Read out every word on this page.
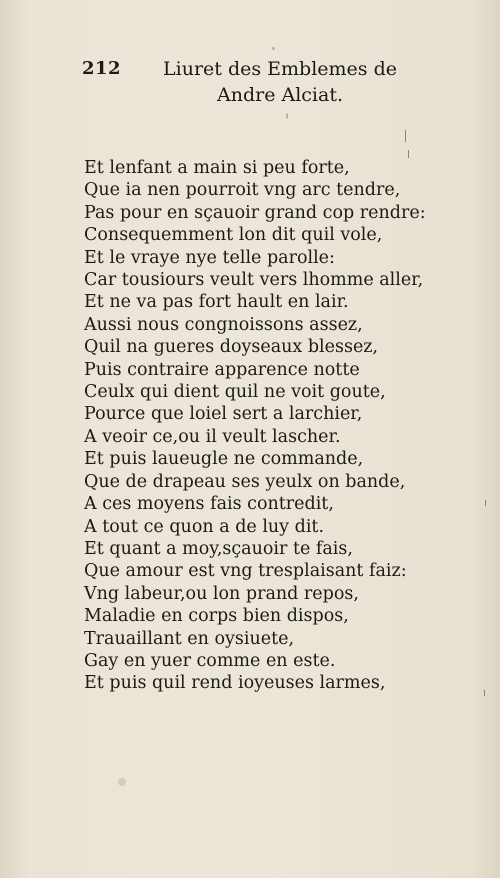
212	Liuret des Emblemes de
Andre Alciat.
Et lenfant a main si peu forte,
Que ia nen pourroit vng arc tendre,
Pas pour en sçauoir grand cop rendre:
Consequemment lon dit quil vole,
Et le vraye nye telle parolle:
Car tousiours veult vers lhomme aller,
Et ne va pas fort hault en lair.
Aussi nous congnoissons assez,
Quil na gueres doyseaux blessez,
Puis contraire apparence notte
Ceulx qui dient quil ne voit goute,
Pource que loiel sert a larchier,
A veoir ce,ou il veult lascher.
Et puis laueugle ne commande,
Que de drapeau ses yeulx on bande,
A ces moyens fais contredit,
A tout ce quon a de luy dit.
Et quant a moy,sçauoir te fais,
Que amour est vng tresplaisant faiz:
Vng labeur,ou lon prand repos,
Maladie en corps bien dispos,
Trauaillant en oysiuete,
Gay en yuer comme en este.
Et puis quil rend ioyeuses larmes,
